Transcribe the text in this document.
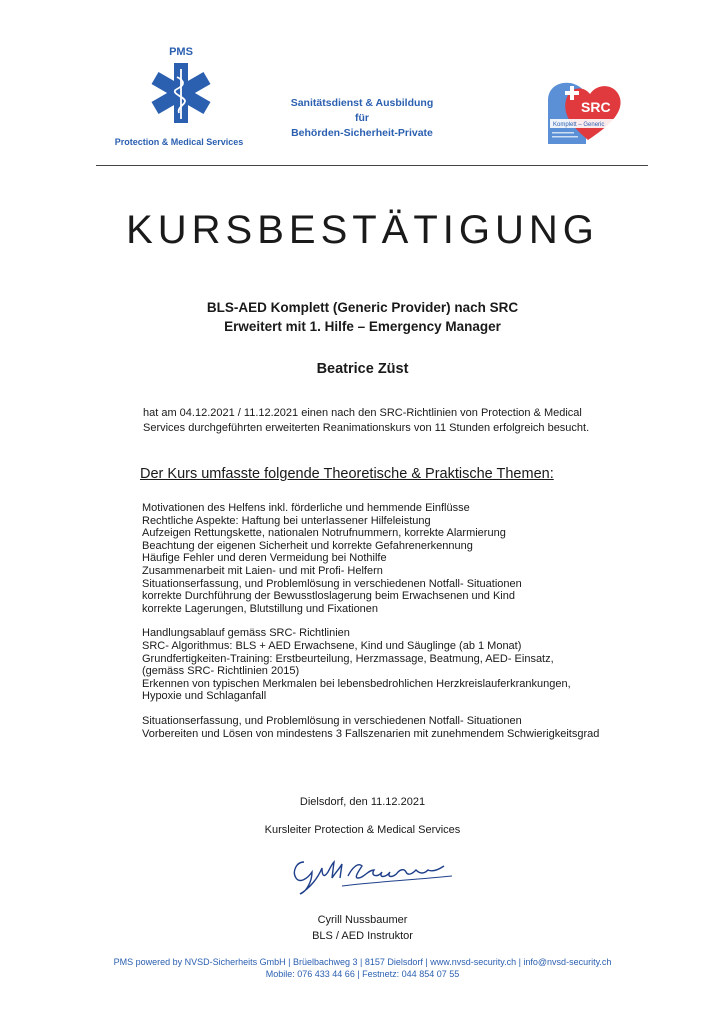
PMS
Protection & Medical Services
Sanitätsdienst & Ausbildung
für
Behörden-Sicherheit-Private
SRC
Komplett – Generic
KURSBESTÄTIGUNG
BLS-AED Komplett (Generic Provider) nach SRC
Erweitert mit 1. Hilfe – Emergency Manager
Beatrice Züst
hat am 04.12.2021 / 11.12.2021 einen nach den SRC-Richtlinien von Protection & Medical
Services durchgeführten erweiterten Reanimationskurs von 11 Stunden erfolgreich besucht.
Der Kurs umfasste folgende Theoretische & Praktische Themen:
Motivationen des Helfens inkl. förderliche und hemmende Einflüsse
Rechtliche Aspekte: Haftung bei unterlassener Hilfeleistung
Aufzeigen Rettungskette, nationalen Notrufnummern, korrekte Alarmierung
Beachtung der eigenen Sicherheit und korrekte Gefahrenerkennung
Häufige Fehler und deren Vermeidung bei Nothilfe
Zusammenarbeit mit Laien- und mit Profi- Helfern
Situationserfassung, und Problemlösung in verschiedenen Notfall- Situationen
korrekte Durchführung der Bewusstloslagerung beim Erwachsenen und Kind
korrekte Lagerungen, Blutstillung und Fixationen
Handlungsablauf gemäss SRC- Richtlinien
SRC- Algorithmus: BLS + AED Erwachsene, Kind und Säuglinge (ab 1 Monat)
Grundfertigkeiten-Training: Erstbeurteilung, Herzmassage, Beatmung, AED- Einsatz,
(gemäss SRC- Richtlinien 2015)
Erkennen von typischen Merkmalen bei lebensbedrohlichen Herzkreislauferkrankungen,
Hypoxie und Schlaganfall
Situationserfassung, und Problemlösung in verschiedenen Notfall- Situationen
Vorbereiten und Lösen von mindestens 3 Fallszenarien mit zunehmendem Schwierigkeitsgrad
Dielsdorf, den 11.12.2021
Kursleiter Protection & Medical Services
Cyrill Nussbaumer
Cyrill Nussbaumer
BLS / AED Instruktor
PMS powered by NVSD-Sicherheits GmbH | Brüelbachweg 3 | 8157 Dielsdorf | www.nvsd-security.ch | info@nvsd-security.ch
Mobile: 076 433 44 66 | Festnetz: 044 854 07 55
